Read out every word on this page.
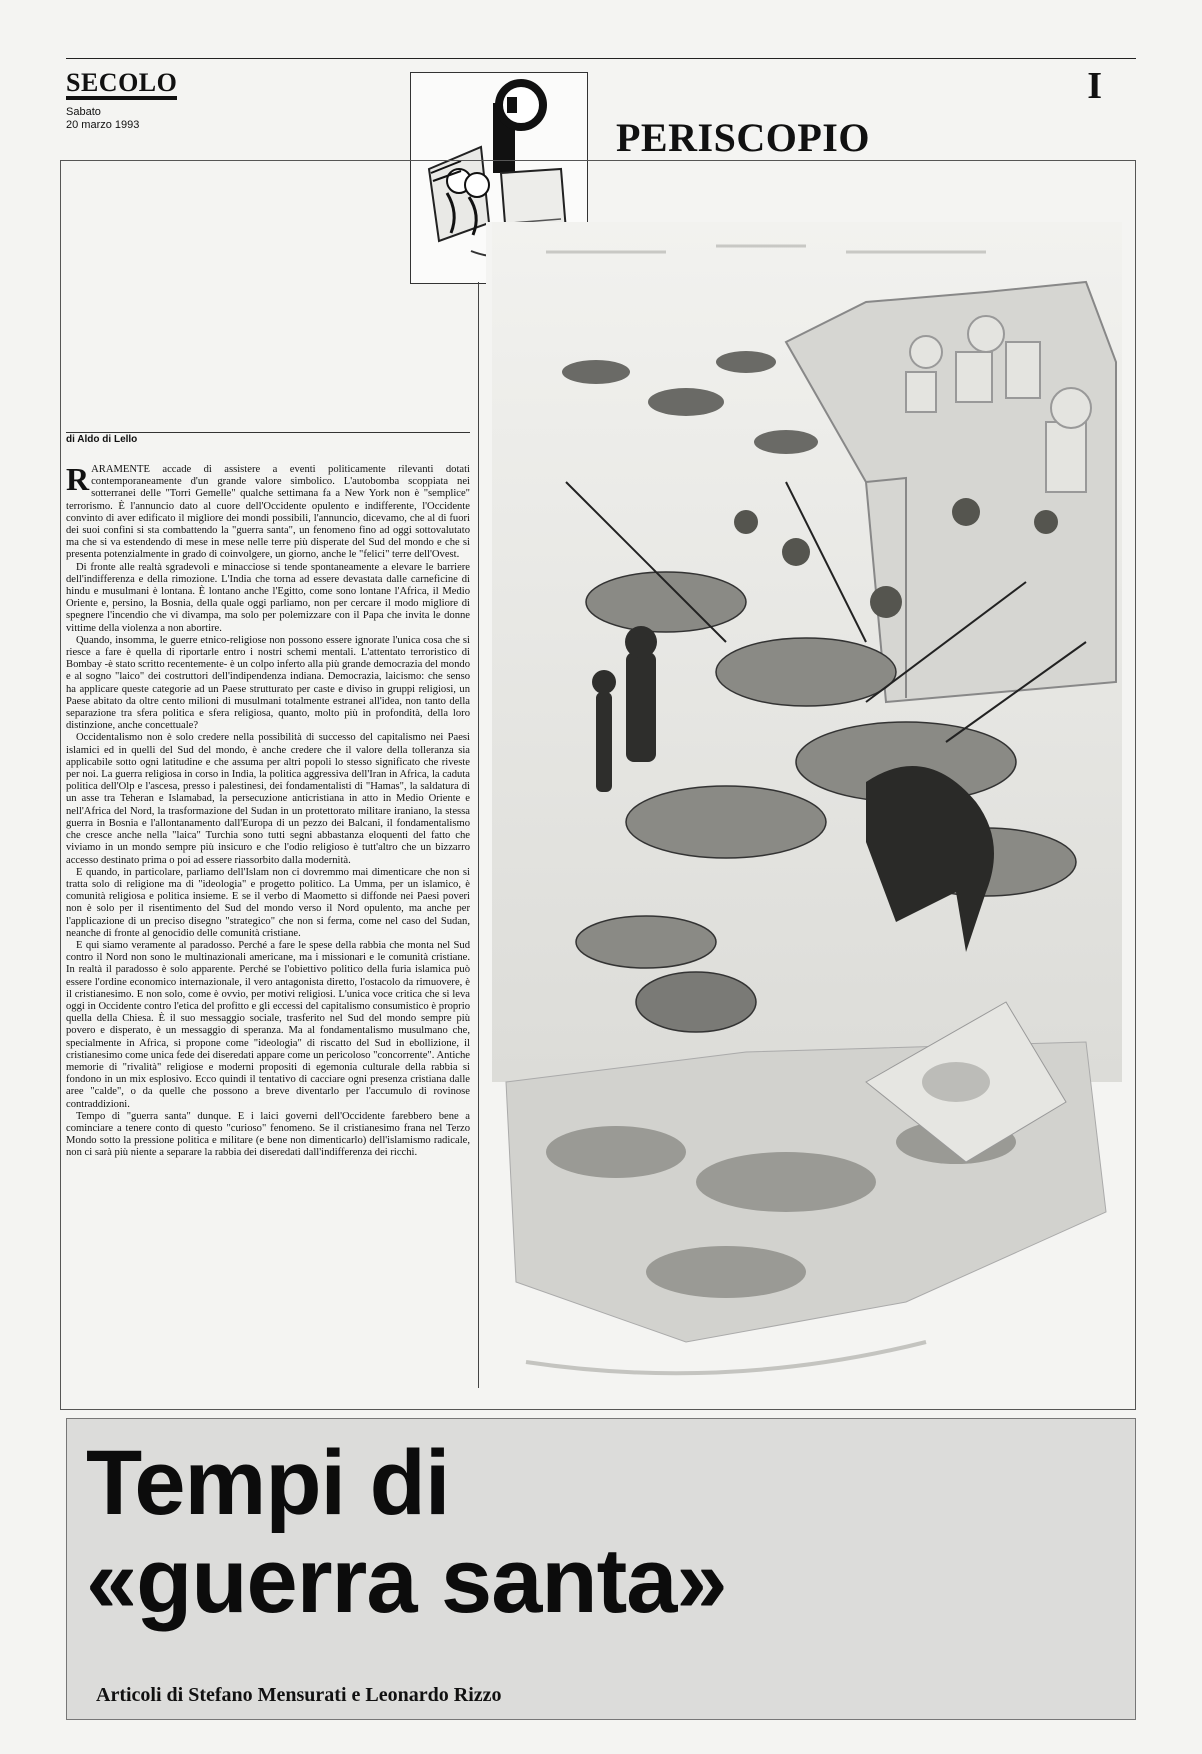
SECOLO
Sabato
20 marzo 1993	PERISCOPIO
I
di Aldo di Lello

RARAMENTE accade di assistere a eventi politicamente rilevanti dotati contemporaneamente d'un grande valore simbolico. L'autobomba scoppiata nei sotterranei delle "Torri Gemelle" qualche settimana fa a New York non è "semplice" terrorismo. È l'annuncio dato al cuore dell'Occidente opulento e indifferente, l'Occidente convinto di aver edificato il migliore dei mondi possibili, l'annuncio, dicevamo, che al di fuori dei suoi confini si sta combattendo la "guerra santa", un fenomeno fino ad oggi sottovalutato ma che si va estendendo di mese in mese nelle terre più disperate del Sud del mondo e che si presenta potenzialmente in grado di coinvolgere, un giorno, anche le "felici" terre dell'Ovest.

Di fronte alle realtà sgradevoli e minacciose si tende spontaneamente a elevare le barriere dell'indifferenza e della rimozione. L'India che torna ad essere devastata dalle carneficine di hindu e musulmani è lontana. È lontano anche l'Egitto, come sono lontane l'Africa, il Medio Oriente e, persino, la Bosnia, della quale oggi parliamo, non per cercare il modo migliore di spegnere l'incendio che vi divampa, ma solo per polemizzare con il Papa che invita le donne vittime della violenza a non abortire.

Quando, insomma, le guerre etnico-religiose non possono essere ignorate l'unica cosa che si riesce a fare è quella di riportarle entro i nostri schemi mentali. L'attentato terroristico di Bombay -è stato scritto recentemente- è un colpo inferto alla più grande democrazia del mondo e al sogno "laico" dei costruttori dell'indipendenza indiana. Democrazia, laicismo: che senso ha applicare queste categorie ad un Paese strutturato per caste e diviso in gruppi religiosi, un Paese abitato da oltre cento milioni di musulmani totalmente estranei all'idea, non tanto della separazione tra sfera politica e sfera religiosa, quanto, molto più in profondità, della loro distinzione, anche concettuale?

Occidentalismo non è solo credere nella possibilità di successo del capitalismo nei Paesi islamici ed in quelli del Sud del mondo, è anche credere che il valore della tolleranza sia applicabile sotto ogni latitudine e che assuma per altri popoli lo stesso significato che riveste per noi. La guerra religiosa in corso in India, la politica aggressiva dell'Iran in Africa, la caduta politica dell'Olp e l'ascesa, presso i palestinesi, dei fondamentalisti di "Hamas", la saldatura di un asse tra Teheran e Islamabad, la persecuzione anticristiana in atto in Medio Oriente e nell'Africa del Nord, la trasformazione del Sudan in un protettorato militare iraniano, la stessa guerra in Bosnia e l'allontanamento dall'Europa di un pezzo dei Balcani, il fondamentalismo che cresce anche nella "laica" Turchia sono tutti segni abbastanza eloquenti del fatto che viviamo in un mondo sempre più insicuro e che l'odio religioso è tutt'altro che un bizzarro accesso destinato prima o poi ad essere riassorbito dalla modernità.

E quando, in particolare, parliamo dell'Islam non ci dovremmo mai dimenticare che non si tratta solo di religione ma di "ideologia" e progetto politico. La Umma, per un islamico, è comunità religiosa e politica insieme. E se il verbo di Maometto si diffonde nei Paesi poveri non è solo per il risentimento del Sud del mondo verso il Nord opulento, ma anche per l'applicazione di un preciso disegno "strategico" che non si ferma, come nel caso del Sudan, neanche di fronte al genocidio delle comunità cristiane.

E qui siamo veramente al paradosso. Perché a fare le spese della rabbia che monta nel Sud contro il Nord non sono le multinazionali americane, ma i missionari e le comunità cristiane. In realtà il paradosso è solo apparente. Perché se l'obiettivo politico della furia islamica può essere l'ordine economico internazionale, il vero antagonista diretto, l'ostacolo da rimuovere, è il cristianesimo. E non solo, come è ovvio, per motivi religiosi. L'unica voce critica che si leva oggi in Occidente contro l'etica del profitto e gli eccessi del capitalismo consumistico è proprio quella della Chiesa. È il suo messaggio sociale, trasferito nel Sud del mondo sempre più povero e disperato, è un messaggio di speranza. Ma al fondamentalismo musulmano che, specialmente in Africa, si propone come "ideologia" di riscatto del Sud in ebollizione, il cristianesimo come unica fede dei diseredati appare come un pericoloso "concorrente". Antiche memorie di "rivalità" religiose e moderni propositi di egemonia culturale della rabbia si fondono in un mix esplosivo. Ecco quindi il tentativo di cacciare ogni presenza cristiana dalle aree "calde", o da quelle che possono a breve diventarlo per l'accumulo di rovinose contraddizioni.

Tempo di "guerra santa" dunque. E i laici governi dell'Occidente farebbero bene a cominciare a tenere conto di questo "curioso" fenomeno. Se il cristianesimo frana nel Terzo Mondo sotto la pressione politica e militare (e bene non dimenticarlo) dell'islamismo radicale, non ci sarà più niente a separare la rabbia dei diseredati dall'indifferenza dei ricchi.

Tempi di
«guerra santa»
Articoli di Stefano Mensurati e Leonardo Rizzo
